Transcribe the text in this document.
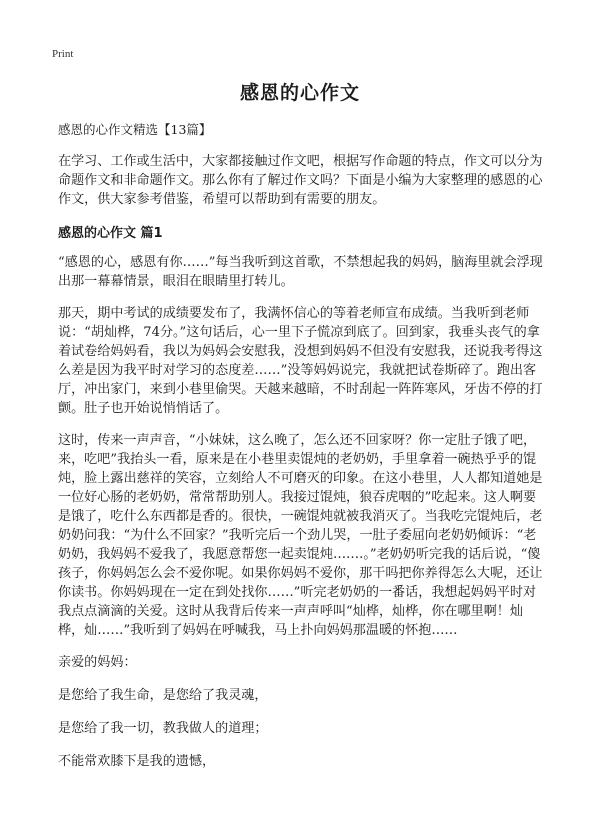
Print
感恩的心作文

感恩的心作文精选【13篇】

在学习、工作或生活中，大家都接触过作文吧，根据写作命题的特点，作文可以分为命题作文和非命题作文。那么你有了解过作文吗？下面是小编为大家整理的感恩的心作文，供大家参考借鉴，希望可以帮助到有需要的朋友。

感恩的心作文 篇1

“感恩的心，感恩有你……”每当我听到这首歌，不禁想起我的妈妈，脑海里就会浮现出那一幕幕情景，眼泪在眼睛里打转儿。

那天，期中考试的成绩要发布了，我满怀信心的等着老师宣布成绩。当我听到老师说：“胡灿桦，74分。”这句话后，心一里下子慌凉到底了。回到家，我垂头丧气的拿着试卷给妈妈看，我以为妈妈会安慰我，没想到妈妈不但没有安慰我，还说我考得这么差是因为我平时对学习的态度差……”没等妈妈说完，我就把试卷斯碎了。跑出客厅，冲出家门，来到小巷里偷哭。天越来越暗，不时刮起一阵阵寒风，牙齿不停的打颤。肚子也开始说悄悄话了。

这时，传来一声声音，“小妹妹，这么晚了，怎么还不回家呀？你一定肚子饿了吧，来，吃吧”我抬头一看，原来是在小巷里卖馄炖的老奶奶，手里拿着一碗热乎乎的馄炖，脸上露出慈祥的笑容，立刻给人不可磨灭的印象。在这小巷里，人人都知道她是一位好心肠的老奶奶，常常帮助别人。我接过馄炖，狼吞虎咽的”吃起来。这人啊要是饿了，吃什么东西都是香的。很快，一碗馄炖就被我消灭了。当我吃完馄炖后，老奶奶问我：“为什么不回家？”我听完后一个劲儿哭，一肚子委屈向老奶奶倾诉：“老奶奶，我妈妈不爱我了，我愿意帮您一起卖馄炖…….。”老奶奶听完我的话后说，“傻孩子，你妈妈怎么会不爱你呢。如果你妈妈不爱你，那干吗把你养得怎么大呢，还让你读书。你妈妈现在一定在到处找你……”听完老奶奶的一番话，我想起妈妈平时对我点点滴滴的关爱。这时从我背后传来一声声呼叫“灿桦，灿桦，你在哪里啊！灿桦，灿……”我听到了妈妈在呼喊我，马上扑向妈妈那温暖的怀抱……

亲爱的妈妈：

是您给了我生命，是您给了我灵魂，

是您给了我一切，教我做人的道理；

不能常欢膝下是我的遗憾，
